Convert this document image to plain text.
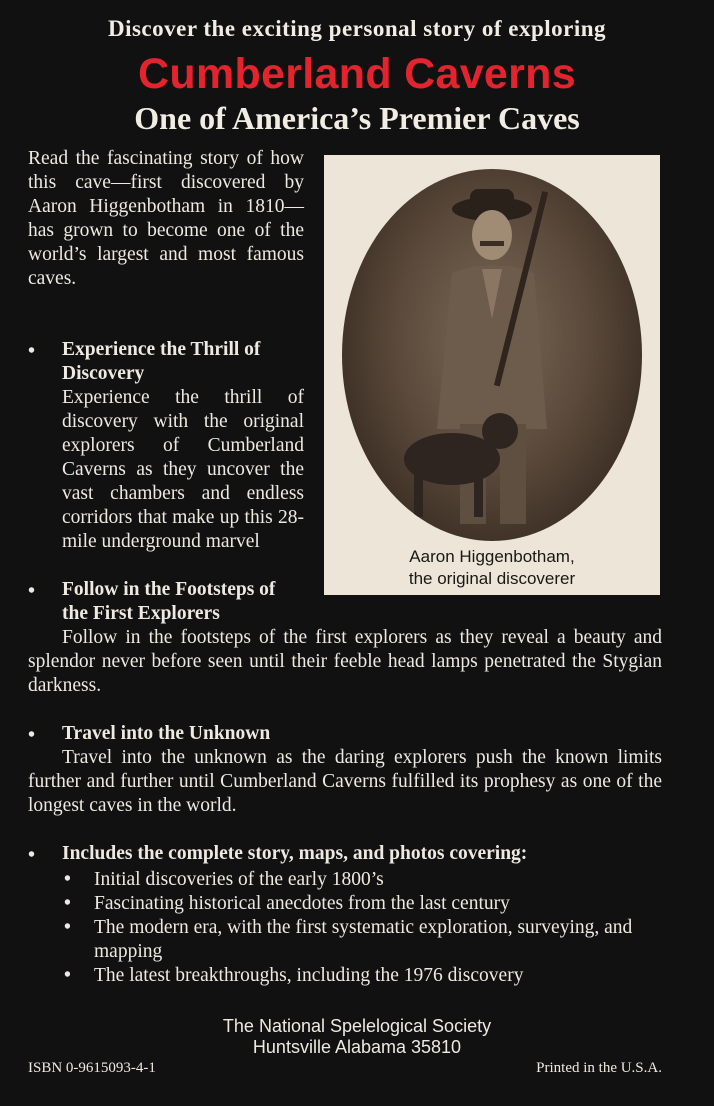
Discover the exciting personal story of exploring
Cumberland Caverns
One of America’s Premier Caves
Read the fascinating story of how this cave—first discovered by Aaron Higgenbotham in 1810—has grown to become one of the world’s largest and most famous caves.
Aaron Higgenbotham,
the original discoverer
• Experience the Thrill of Discovery
Experience the thrill of discovery with the original explorers of Cumberland Caverns as they uncover the vast chambers and endless corridors that make up this 28-mile underground marvel
• Follow in the Footsteps of the First Explorers
Follow in the footsteps of the first explorers as they reveal a beauty and splendor never before seen until their feeble head lamps penetrated the Stygian darkness.
• Travel into the Unknown
Travel into the unknown as the daring explorers push the known limits further and further until Cumberland Caverns fulfilled its prophesy as one of the longest caves in the world.
• Includes the complete story, maps, and photos covering:
• Initial discoveries of the early 1800’s
• Fascinating historical anecdotes from the last century
• The modern era, with the first systematic exploration, surveying, and mapping
• The latest breakthroughs, including the 1976 discovery
The National Spelelogical Society
Huntsville Alabama 35810
ISBN 0-9615093-4-1	Printed in the U.S.A.
